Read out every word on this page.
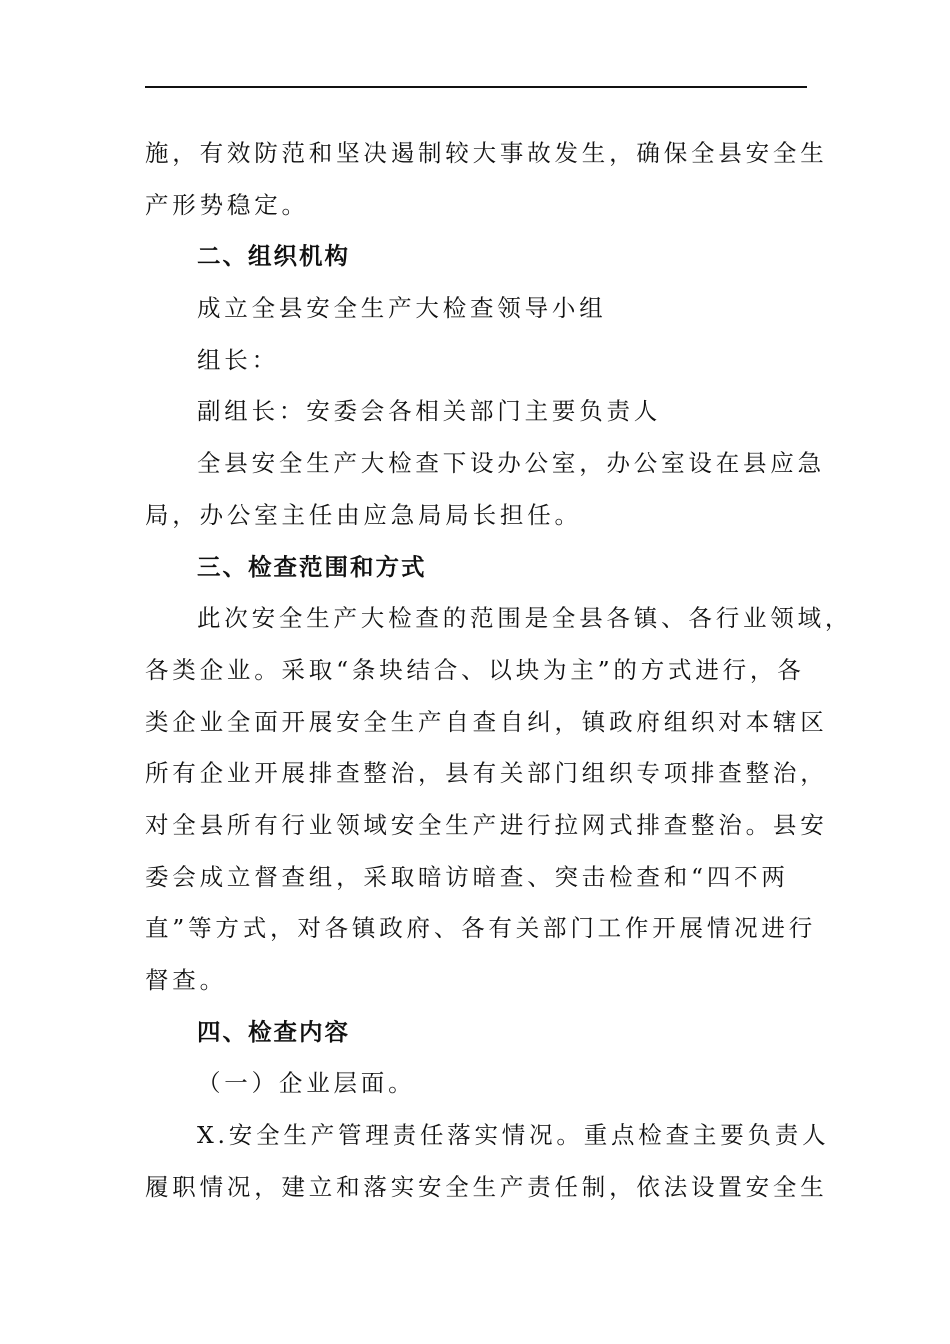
施，有效防范和坚决遏制较大事故发生，确保全县安全生
产形势稳定。
二、组织机构
成立全县安全生产大检查领导小组
组长：
副组长：安委会各相关部门主要负责人
全县安全生产大检查下设办公室，办公室设在县应急
局，办公室主任由应急局局长担任。
三、检查范围和方式
此次安全生产大检查的范围是全县各镇、各行业领域，
各类企业。采取“条块结合、以块为主”的方式进行，各
类企业全面开展安全生产自查自纠，镇政府组织对本辖区
所有企业开展排查整治，县有关部门组织专项排查整治，
对全县所有行业领域安全生产进行拉网式排查整治。县安
委会成立督查组，采取暗访暗查、突击检查和“四不两
直”等方式，对各镇政府、各有关部门工作开展情况进行
督查。
四、检查内容
（一）企业层面。
X.安全生产管理责任落实情况。重点检查主要负责人
履职情况，建立和落实安全生产责任制，依法设置安全生
